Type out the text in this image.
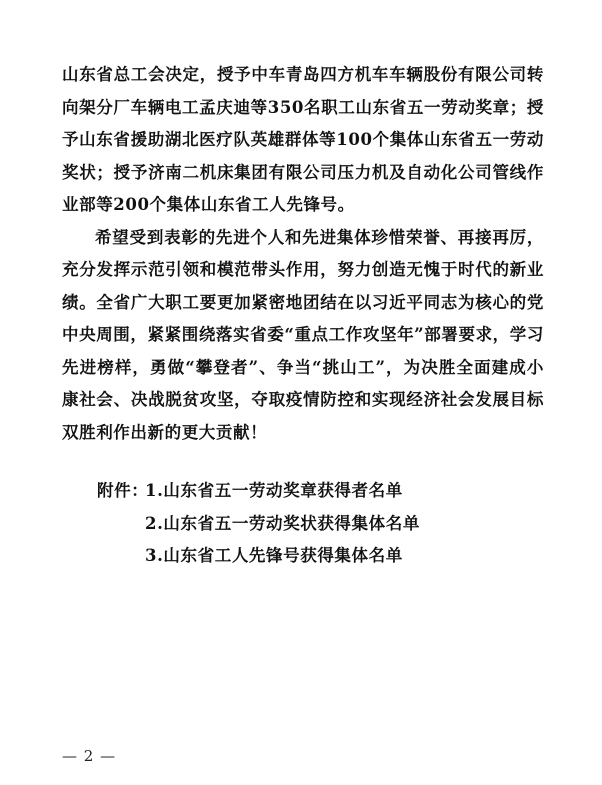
山东省总工会决定，授予中车青岛四方机车车辆股份有限公司转向架分厂车辆电工孟庆迪等350名职工山东省五一劳动奖章；授予山东省援助湖北医疗队英雄群体等100个集体山东省五一劳动奖状；授予济南二机床集团有限公司压力机及自动化公司管线作业部等200个集体山东省工人先锋号。

希望受到表彰的先进个人和先进集体珍惜荣誉、再接再厉，充分发挥示范引领和模范带头作用，努力创造无愧于时代的新业绩。全省广大职工要更加紧密地团结在以习近平同志为核心的党中央周围，紧紧围绕落实省委“重点工作攻坚年”部署要求，学习先进榜样，勇做“攀登者”、争当“挑山工”，为决胜全面建成小康社会、决战脱贫攻坚，夺取疫情防控和实现经济社会发展目标双胜利作出新的更大贡献！

附件：1.山东省五一劳动奖章获得者名单
2.山东省五一劳动奖状获得集体名单
3.山东省工人先锋号获得集体名单
— 2 —
